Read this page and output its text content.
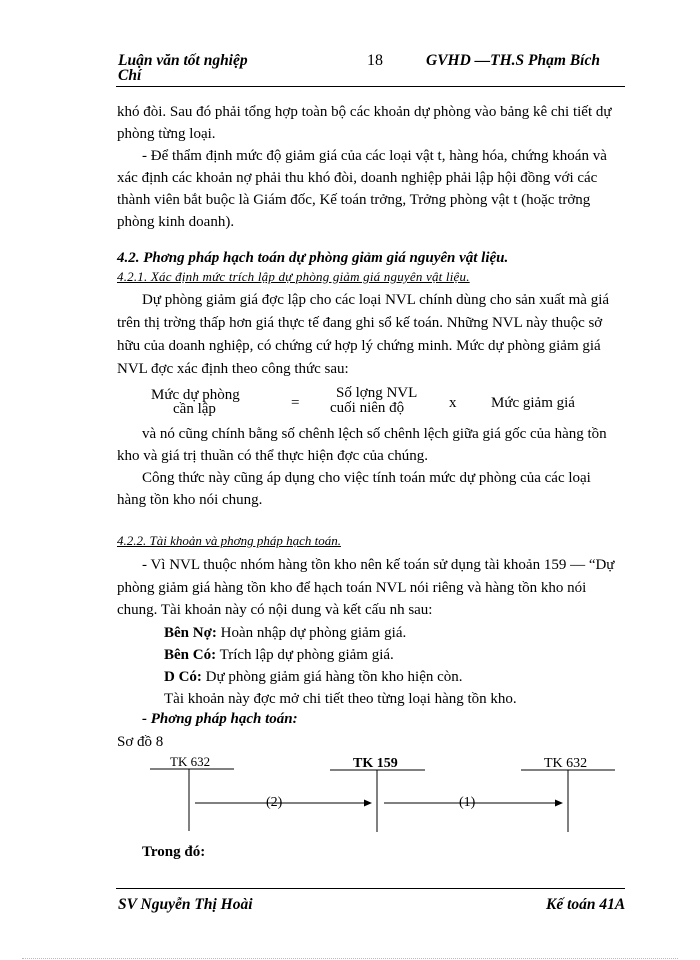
Luận văn tốt nghiệp
Chí
18	GVHD —TH.S Phạm Bích
khó đòi. Sau đó phải tổng hợp toàn bộ các khoản dự phòng vào bảng kê chi tiết dự
phòng từng loại.
- Để thẩm định mức độ giảm giá của các loại vật t, hàng hóa, chứng khoán và
xác định các khoản nợ phải thu khó đòi, doanh nghiệp phải lập hội đồng với các
thành viên bắt buộc là Giám đốc, Kế toán trởng, Trởng phòng vật t (hoặc trởng
phòng kinh doanh).
4.2. Phơng pháp hạch toán dự phòng giảm giá nguyên vật liệu.
4.2.1. Xác định mức trích lập dự phòng giảm giá nguyên vật liệu.
Dự phòng giảm giá đợc lập cho các loại NVL chính dùng cho sản xuất mà giá
trên thị trờng thấp hơn giá thực tế đang ghi sổ kế toán. Những NVL này thuộc sở
hữu của doanh nghiệp, có chứng cứ hợp lý chứng minh. Mức dự phòng giảm giá
NVL đợc xác định theo công thức sau:
Mức dự phòng
cần lập	=
Số lợng NVL
cuối niên độ	x Mức giảm giá
và nó cũng chính bằng số chênh lệch số chênh lệch giữa giá gốc của hàng tồn
kho và giá trị thuần có thể thực hiện đợc của chúng.
Công thức này cũng áp dụng cho việc tính toán mức dự phòng của các loại
hàng tồn kho nói chung.
4.2.2. Tài khoản và phơng pháp hạch toán.
- Vì NVL thuộc nhóm hàng tồn kho nên kế toán sử dụng tài khoản 159 — “Dự
phòng giảm giá hàng tồn kho để hạch toán NVL nói riêng và hàng tồn kho nói
chung. Tài khoản này có nội dung và kết cấu nh sau:
Bên Nợ: Hoàn nhập dự phòng giảm giá.
Bên Có: Trích lập dự phòng giảm giá.
D Có: Dự phòng giảm giá hàng tồn kho hiện còn.
Tài khoản này đợc mở chi tiết theo từng loại hàng tồn kho.
- Phơng pháp hạch toán:
Sơ đồ 8
TK 632	TK 159	TK 632
(2)	(1)
Trong đó:
SV Nguyễn Thị Hoài	Kế toán 41A
